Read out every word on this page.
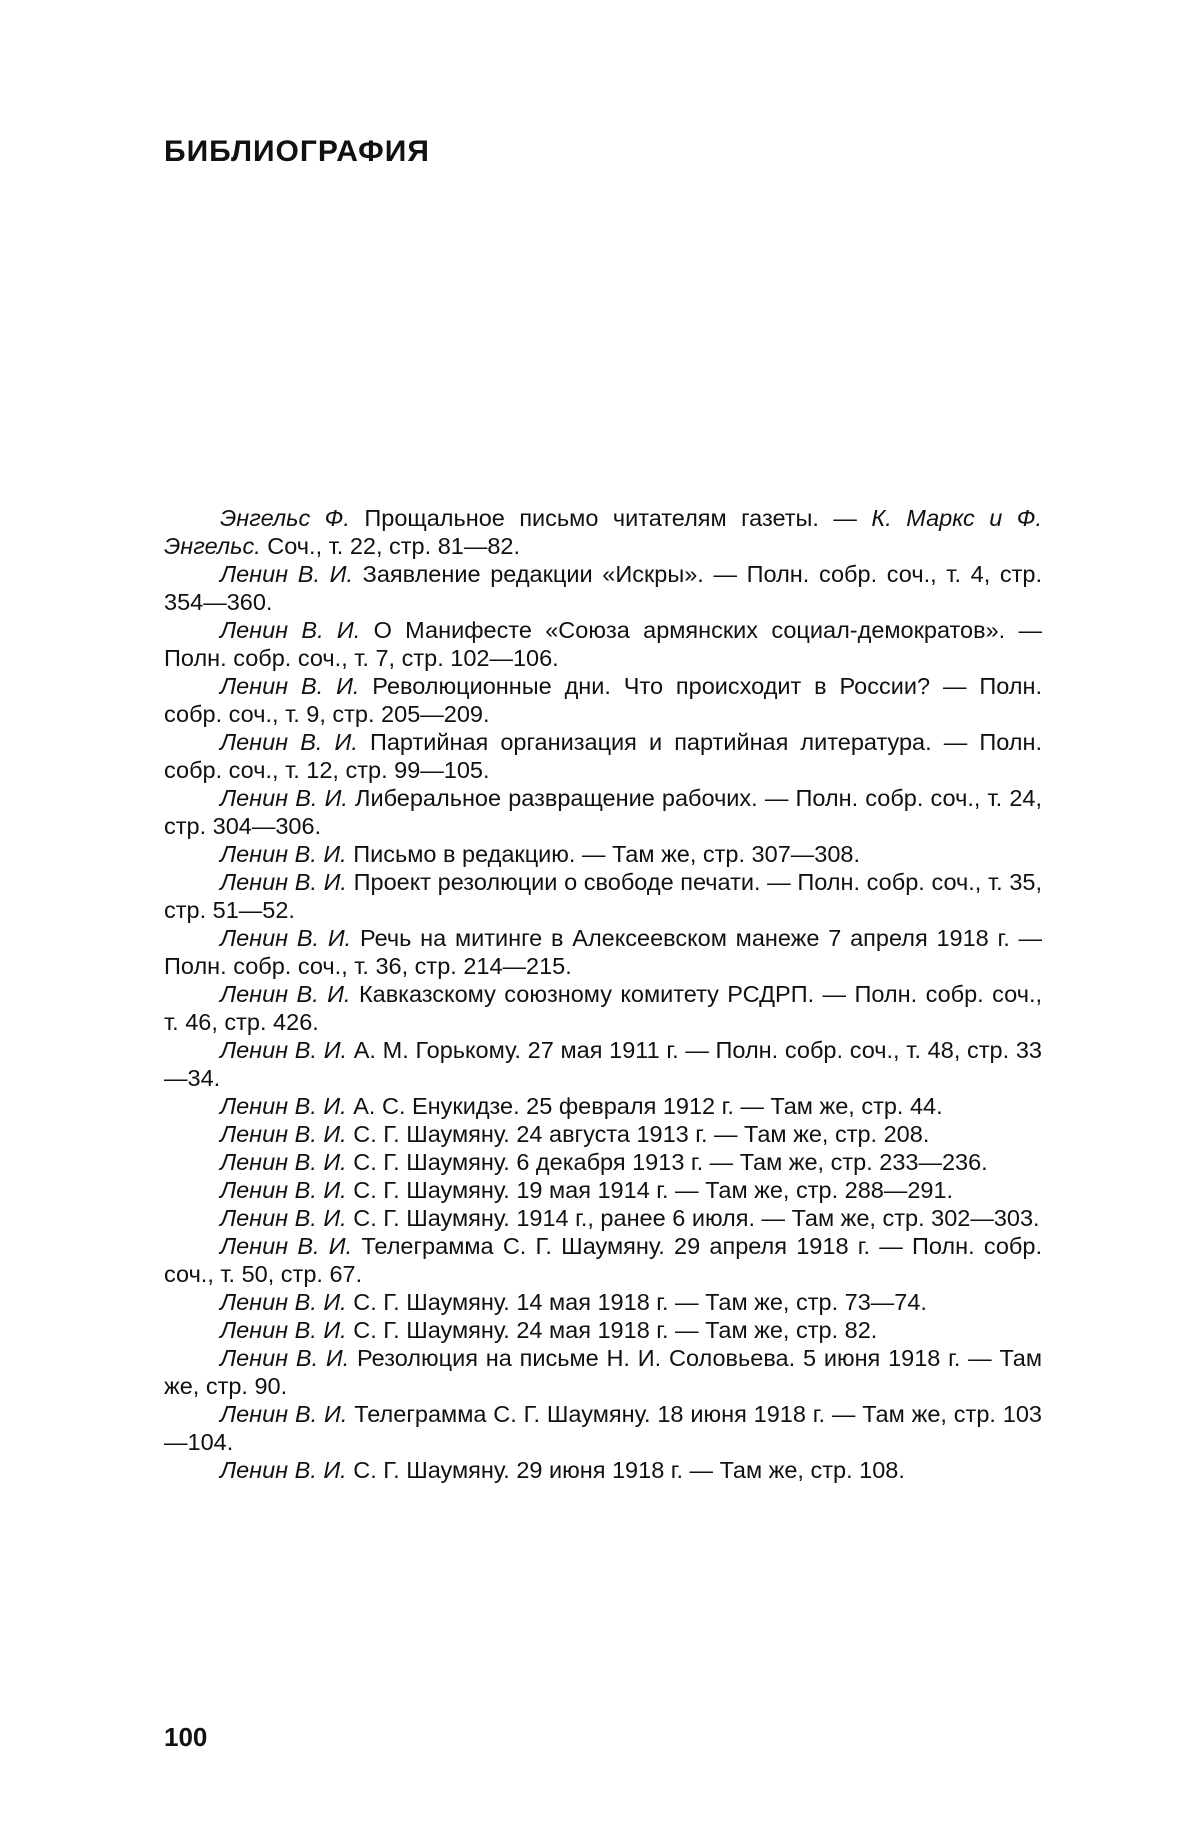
БИБЛИОГРАФИЯ

Энгельс Ф. Прощальное письмо читателям газеты. — К. Маркс и Ф. Энгельс. Соч., т. 22, стр. 81—82.

Ленин В. И. Заявление редакции «Искры». — Полн. собр. соч., т. 4, стр. 354—360.

Ленин В. И. О Манифесте «Союза армянских социал-демократов». — Полн. собр. соч., т. 7, стр. 102—106.

Ленин В. И. Революционные дни. Что происходит в России? — Полн. собр. соч., т. 9, стр. 205—209.

Ленин В. И. Партийная организация и партийная литература. — Полн. собр. соч., т. 12, стр. 99—105.

Ленин В. И. Либеральное развращение рабочих. — Полн. собр. соч., т. 24, стр. 304—306.

Ленин В. И. Письмо в редакцию. — Там же, стр. 307—308.

Ленин В. И. Проект резолюции о свободе печати. — Полн. собр. соч., т. 35, стр. 51—52.

Ленин В. И. Речь на митинге в Алексеевском манеже 7 апреля 1918 г. — Полн. собр. соч., т. 36, стр. 214—215.

Ленин В. И. Кавказскому союзному комитету РСДРП. — Полн. собр. соч., т. 46, стр. 426.

Ленин В. И. А. М. Горькому. 27 мая 1911 г. — Полн. собр. соч., т. 48, стр. 33—34.

Ленин В. И. А. С. Енукидзе. 25 февраля 1912 г. — Там же, стр. 44.

Ленин В. И. С. Г. Шаумяну. 24 августа 1913 г. — Там же, стр. 208.

Ленин В. И. С. Г. Шаумяну. 6 декабря 1913 г. — Там же, стр. 233—236.

Ленин В. И. С. Г. Шаумяну. 19 мая 1914 г. — Там же, стр. 288—291.

Ленин В. И. С. Г. Шаумяну. 1914 г., ранее 6 июля. — Там же, стр. 302—303.

Ленин В. И. Телеграмма С. Г. Шаумяну. 29 апреля 1918 г. — Полн. собр. соч., т. 50, стр. 67.

Ленин В. И. С. Г. Шаумяну. 14 мая 1918 г. — Там же, стр. 73—74.

Ленин В. И. С. Г. Шаумяну. 24 мая 1918 г. — Там же, стр. 82.

Ленин В. И. Резолюция на письме Н. И. Соловьева. 5 июня 1918 г. — Там же, стр. 90.

Ленин В. И. Телеграмма С. Г. Шаумяну. 18 июня 1918 г. — Там же, стр. 103—104.

Ленин В. И. С. Г. Шаумяну. 29 июня 1918 г. — Там же, стр. 108.

100
